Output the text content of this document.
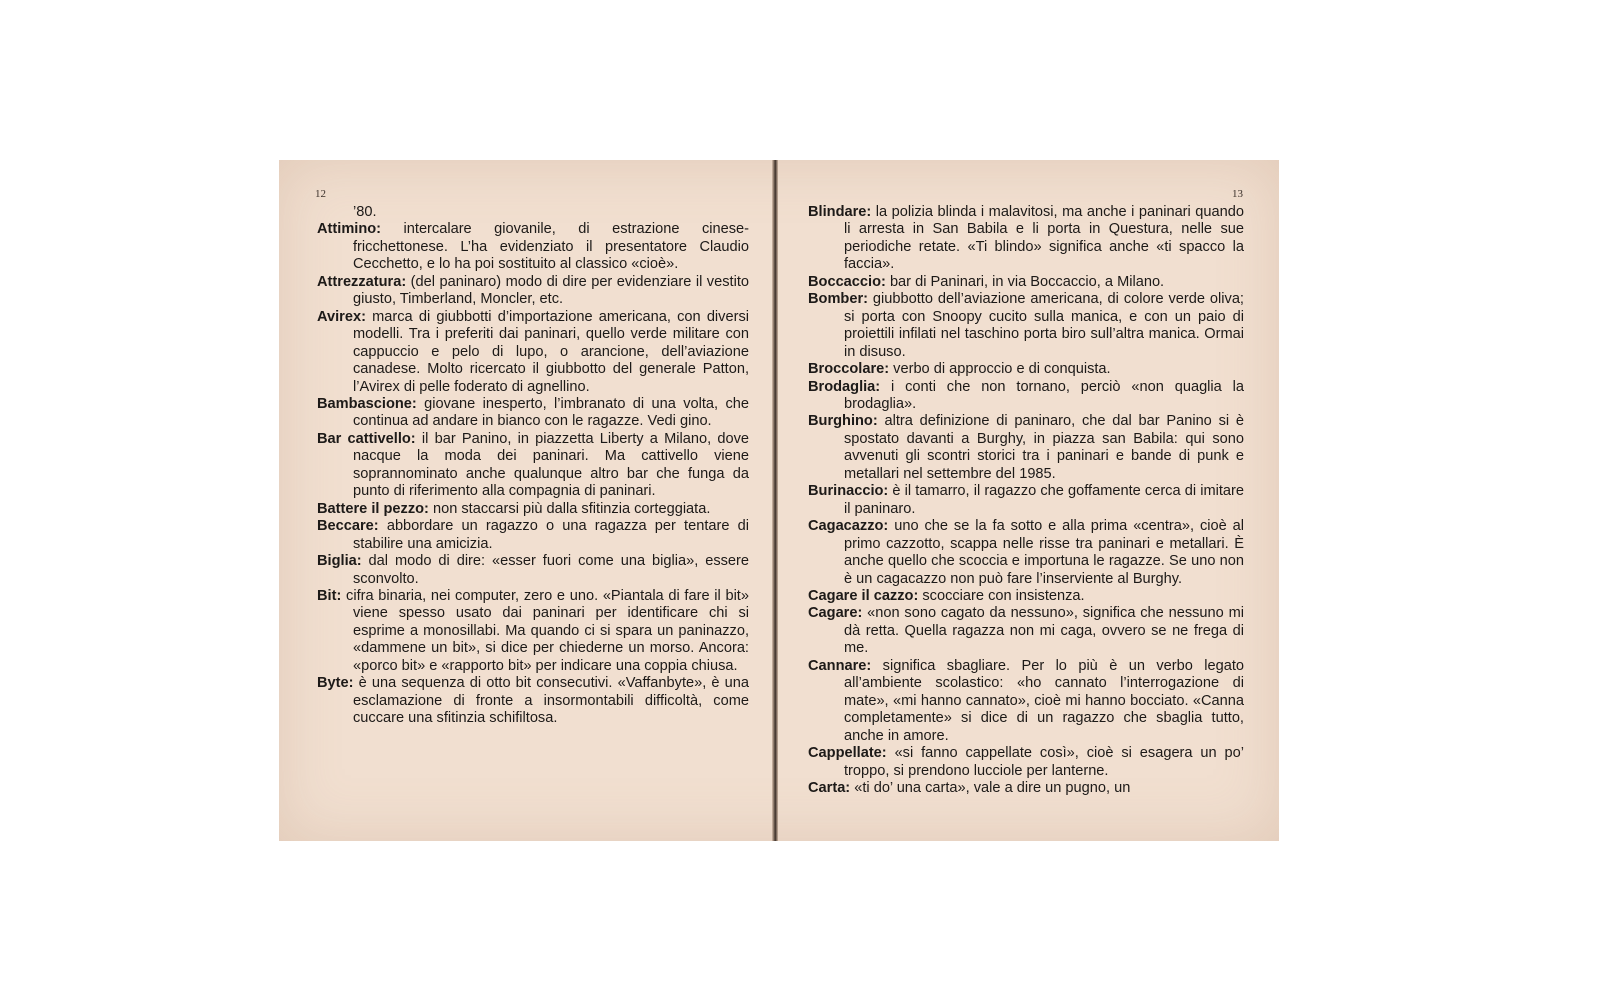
12

’80.

Attimino: intercalare giovanile, di estrazione cinese-fricchettonese. L’ha evidenziato il presentatore Claudio Cecchetto, e lo ha poi sostituito al classico «cioè».

Attrezzatura: (del paninaro) modo di dire per evidenziare il vestito giusto, Timberland, Moncler, etc.

Avirex: marca di giubbotti d’importazione americana, con diversi modelli. Tra i preferiti dai paninari, quello verde militare con cappuccio e pelo di lupo, o arancione, dell’aviazione canadese. Molto ricercato il giubbotto del generale Patton, l’Avirex di pelle foderato di agnellino.

Bambascione: giovane inesperto, l’imbranato di una volta, che continua ad andare in bianco con le ragazze. Vedi gino.

Bar cattivello: il bar Panino, in piazzetta Liberty a Milano, dove nacque la moda dei paninari. Ma cattivello viene soprannominato anche qualunque altro bar che funga da punto di riferimento alla compagnia di paninari.

Battere il pezzo: non staccarsi più dalla sfitinzia corteggiata.

Beccare: abbordare un ragazzo o una ragazza per tentare di stabilire una amicizia.

Biglia: dal modo di dire: «esser fuori come una biglia», essere sconvolto.

Bit: cifra binaria, nei computer, zero e uno. «Piantala di fare il bit» viene spesso usato dai paninari per identificare chi si esprime a monosillabi. Ma quando ci si spara un paninazzo, «dammene un bit», si dice per chiederne un morso. Ancora: «porco bit» e «rapporto bit» per indicare una coppia chiusa.

Byte: è una sequenza di otto bit consecutivi. «Vaffanbyte», è una esclamazione di fronte a insormontabili difficoltà, come cuccare una sfitinzia schifiltosa.

13

Blindare: la polizia blinda i malavitosi, ma anche i paninari quando li arresta in San Babila e li porta in Questura, nelle sue periodiche retate. «Ti blindo» significa anche «ti spacco la faccia».

Boccaccio: bar di Paninari, in via Boccaccio, a Milano.

Bomber: giubbotto dell’aviazione americana, di colore verde oliva; si porta con Snoopy cucito sulla manica, e con un paio di proiettili infilati nel taschino porta biro sull’altra manica. Ormai in disuso.

Broccolare: verbo di approccio e di conquista.

Brodaglia: i conti che non tornano, perciò «non quaglia la brodaglia».

Burghino: altra definizione di paninaro, che dal bar Panino si è spostato davanti a Burghy, in piazza san Babila: qui sono avvenuti gli scontri storici tra i paninari e bande di punk e metallari nel settembre del 1985.

Burinaccio: è il tamarro, il ragazzo che goffamente cerca di imitare il paninaro.

Cagacazzo: uno che se la fa sotto e alla prima «centra», cioè al primo cazzotto, scappa nelle risse tra paninari e metallari. È anche quello che scoccia e importuna le ragazze. Se uno non è un cagacazzo non può fare l’inserviente al Burghy.

Cagare il cazzo: scocciare con insistenza.

Cagare: «non sono cagato da nessuno», significa che nessuno mi dà retta. Quella ragazza non mi caga, ovvero se ne frega di me.

Cannare: significa sbagliare. Per lo più è un verbo legato all’ambiente scolastico: «ho cannato l’interrogazione di mate», «mi hanno cannato», cioè mi hanno bocciato. «Canna completamente» si dice di un ragazzo che sbaglia tutto, anche in amore.

Cappellate: «si fanno cappellate così», cioè si esagera un po’ troppo, si prendono lucciole per lanterne.

Carta: «ti do’ una carta», vale a dire un pugno, un
